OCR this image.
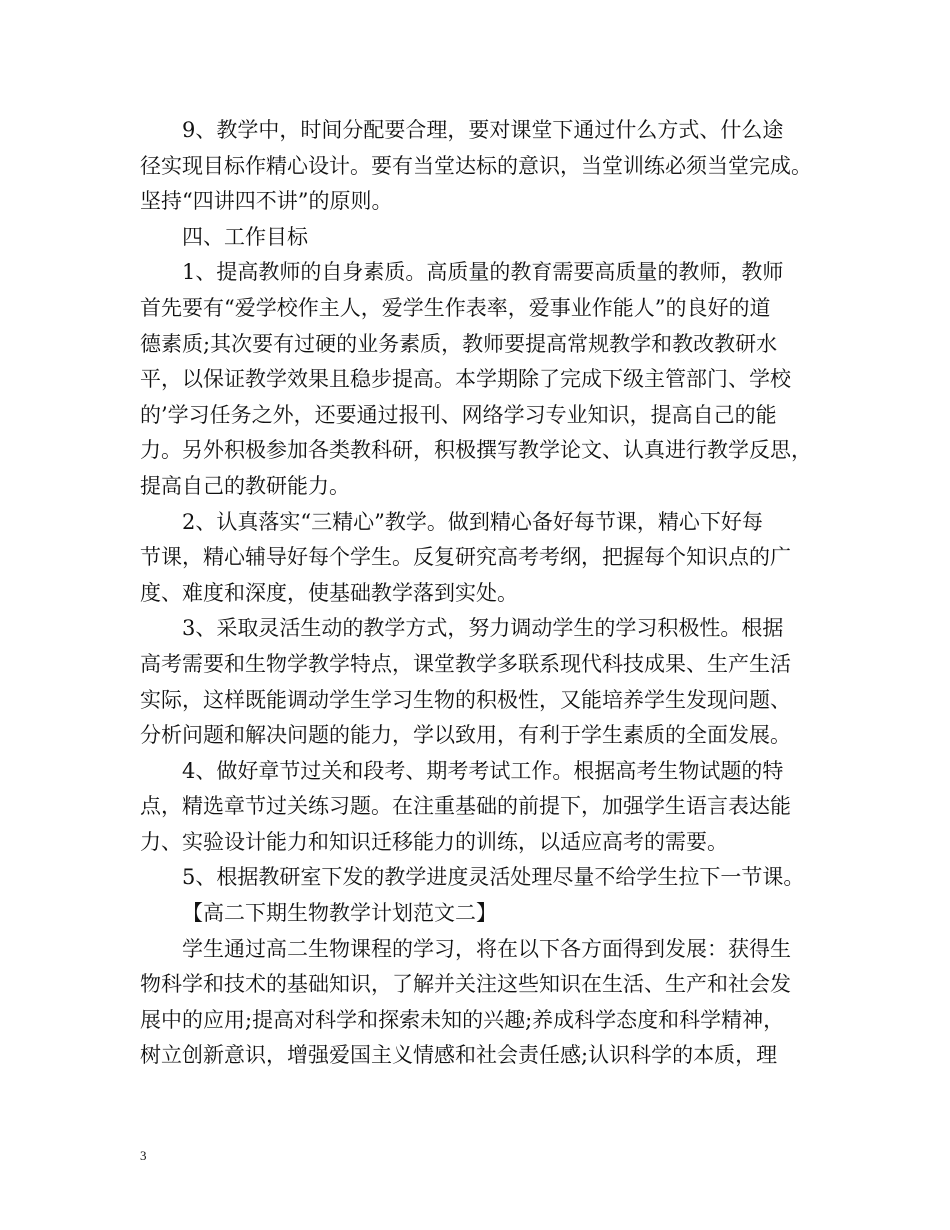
9、教学中，时间分配要合理，要对课堂下通过什么方式、什么途
径实现目标作精心设计。要有当堂达标的意识，当堂训练必须当堂完成。
坚持“四讲四不讲”的原则。

四、工作目标

1、提高教师的自身素质。高质量的教育需要高质量的教师，教师
首先要有“爱学校作主人，爱学生作表率，爱事业作能人”的良好的道
德素质;其次要有过硬的业务素质，教师要提高常规教学和教改教研水
平，以保证教学效果且稳步提高。本学期除了完成下级主管部门、学校
的’学习任务之外，还要通过报刊、网络学习专业知识，提高自己的能
力。另外积极参加各类教科研，积极撰写教学论文、认真进行教学反思，
提高自己的教研能力。

2、认真落实“三精心”教学。做到精心备好每节课，精心下好每
节课，精心辅导好每个学生。反复研究高考考纲，把握每个知识点的广
度、难度和深度，使基础教学落到实处。

3、采取灵活生动的教学方式，努力调动学生的学习积极性。根据
高考需要和生物学教学特点，课堂教学多联系现代科技成果、生产生活
实际，这样既能调动学生学习生物的积极性，又能培养学生发现问题、
分析问题和解决问题的能力，学以致用，有利于学生素质的全面发展。

4、做好章节过关和段考、期考考试工作。根据高考生物试题的特
点，精选章节过关练习题。在注重基础的前提下，加强学生语言表达能
力、实验设计能力和知识迁移能力的训练，以适应高考的需要。

5、根据教研室下发的教学进度灵活处理尽量不给学生拉下一节课。

【高二下期生物教学计划范文二】

学生通过高二生物课程的学习，将在以下各方面得到发展：获得生
物科学和技术的基础知识，了解并关注这些知识在生活、生产和社会发
展中的应用;提高对科学和探索未知的兴趣;养成科学态度和科学精神，
树立创新意识，增强爱国主义情感和社会责任感;认识科学的本质，理

3
